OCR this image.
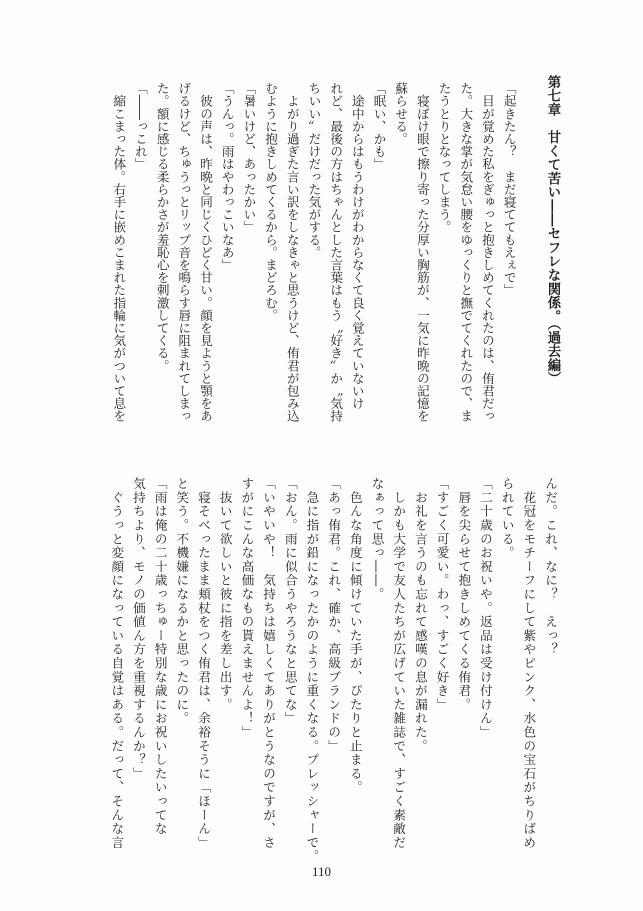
第七章　甘くて苦い――セフレな関係。（過去編）
「起きたん？　まだ寝ててもえぇで」
　目が覚めた私をぎゅっと抱きしめてくれたのは、侑君だっ
た。大きな掌が気怠い腰をゆっくりと撫でてくれたので、ま
たうとりとなってしまう。
　寝ぼけ眼で擦り寄った分厚い胸筋が、一気に昨晩の記憶を
蘇らせる。
「眠い、かも」
　途中からはもうわけがわからなくて良く覚えていないけ
れど、最後の方はちゃんとした言葉はもう〝好き〟か〝気持
ちいい〟だけだった気がする。
　よがり過ぎた言い訳をしなきゃと思うけど、侑君が包み込
むように抱きしめてくるから。まどろむ。
「暑いけど、あったかい」
「うんっ。雨はやわっこいなあ」
　彼の声は、昨晩と同じくひどく甘い。顔を見ようと顎をあ
げるけど、ちゅうっとリップ音を鳴らす唇に阻まれてしまっ
た。額に感じる柔らかさが羞恥心を刺激してくる。
「――っこれ」
　縮こまった体。右手に嵌めこまれた指輪に気がついて息を
んだ。これ、なに？　えっ？
　花冠をモチーフにして紫やピンク、水色の宝石がちりばめ
られている。
「二十歳のお祝いや。返品は受け付けん」
　唇を尖らせて抱きしめてくる侑君。
「すごく可愛い。わっ、すごく好き」
　お礼を言うのも忘れて感嘆の息が漏れた。
　しかも大学で友人たちが広げていた雑誌で、すごく素敵だ
なぁって思っ――。
　色んな角度に傾けていた手が、ぴたりと止まる。
「あっ侑君。これ、確か、高級ブランドの」
　急に指が鉛になったかのように重くなる。プレッシャーで。
「おん。雨に似合うやろうなと思てな」
「いやいや！　気持ちは嬉しくてありがとうなのですが、さ
すがにこんな高価なもの貰えませんよ！」
　抜いて欲しいと彼に指を差し出す。
　寝そべったまま頬杖をつく侑君は、余裕そうに「ほーん」
と笑う。不機嫌になるかと思ったのに。
「雨は俺の二十歳っちゅー特別な歳にお祝いしたいってな
気持ちより、モノの価値ん方を重視するんか？」
　ぐうっと変顔になっている自覚はある。だって、そんな言
110
